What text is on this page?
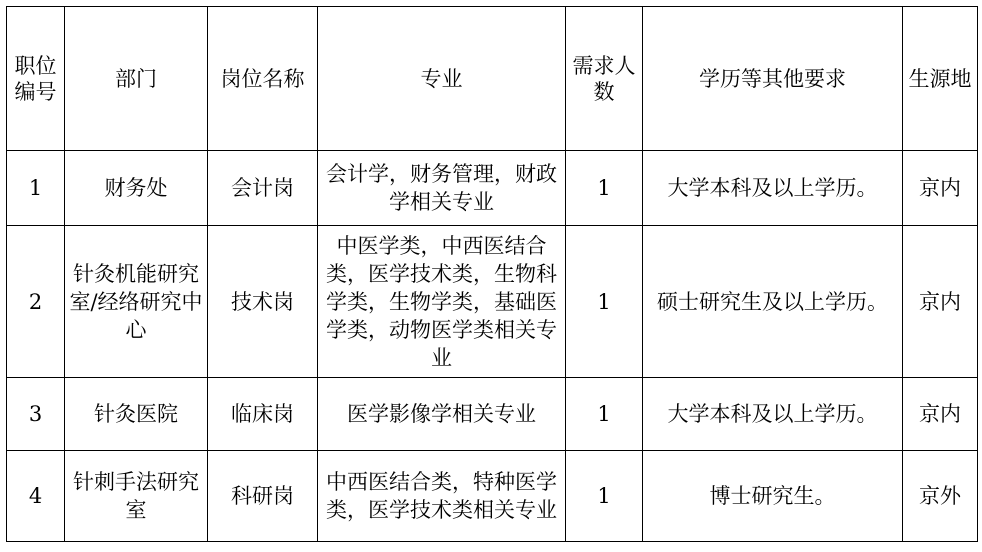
职位编号	部门	岗位名称	专业	需求人数	学历等其他要求	生源地
1	财务处	会计岗	会计学，财务管理，财政学相关专业	1	大学本科及以上学历。	京内
2	针灸机能研究室/经络研究中心	技术岗	中医学类，中西医结合类，医学技术类，生物科学类，生物学类，基础医学类，动物医学类相关专业	1	硕士研究生及以上学历。	京内
3	针灸医院	临床岗	医学影像学相关专业	1	大学本科及以上学历。	京内
4	针刺手法研究室	科研岗	中西医结合类，特种医学类，医学技术类相关专业	1	博士研究生。	京外
